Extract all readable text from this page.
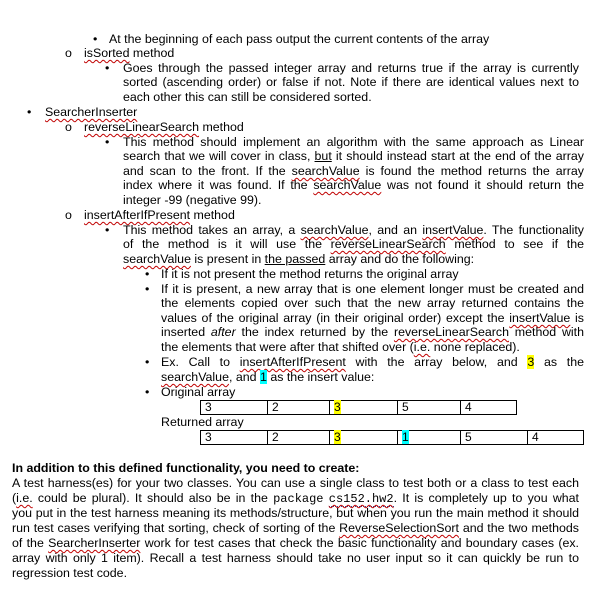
• At the beginning of each pass output the current contents of the array
o isSorted method
• Goes through the passed integer array and returns true if the array is currently
sorted (ascending order) or false if not. Note if there are identical values next to
each other this can still be considered sorted.
• SearcherInserter
o reverseLinearSearch method
• This method should implement an algorithm with the same approach as Linear
search that we will cover in class, but it should instead start at the end of the array
and scan to the front. If the searchValue is found the method returns the array
index where it was found. If the searchValue was not found it should return the
integer -99 (negative 99).
o insertAfterIfPresent method
• This method takes an array, a searchValue, and an insertValue. The functionality
of the method is it will use the reverseLinearSearch method to see if the
searchValue is present in the passed array and do the following:
• If it is not present the method returns the original array
• If it is present, a new array that is one element longer must be created and
the elements copied over such that the new array returned contains the
values of the original array (in their original order) except the insertValue is
inserted after the index returned by the reverseLinearSearch method with
the elements that were after that shifted over (i.e. none replaced).
• Ex. Call to insertAfterIfPresent with the array below, and 3 as the
searchValue, and 1 as the insert value:
• Original array
3	2	3	5	4
Returned array
3	2	3	1	5	4
In addition to this defined functionality, you need to create:
A test harness(es) for your two classes. You can use a single class to test both or a class to test each
(i.e. could be plural). It should also be in the package cs152.hw2. It is completely up to you what
you put in the test harness meaning its methods/structure, but when you run the main method it should
run test cases verifying that sorting, check of sorting of the ReverseSelectionSort and the two methods
of the SearcherInserter work for test cases that check the basic functionality and boundary cases (ex.
array with only 1 item). Recall a test harness should take no user input so it can quickly be run to
regression test code.
